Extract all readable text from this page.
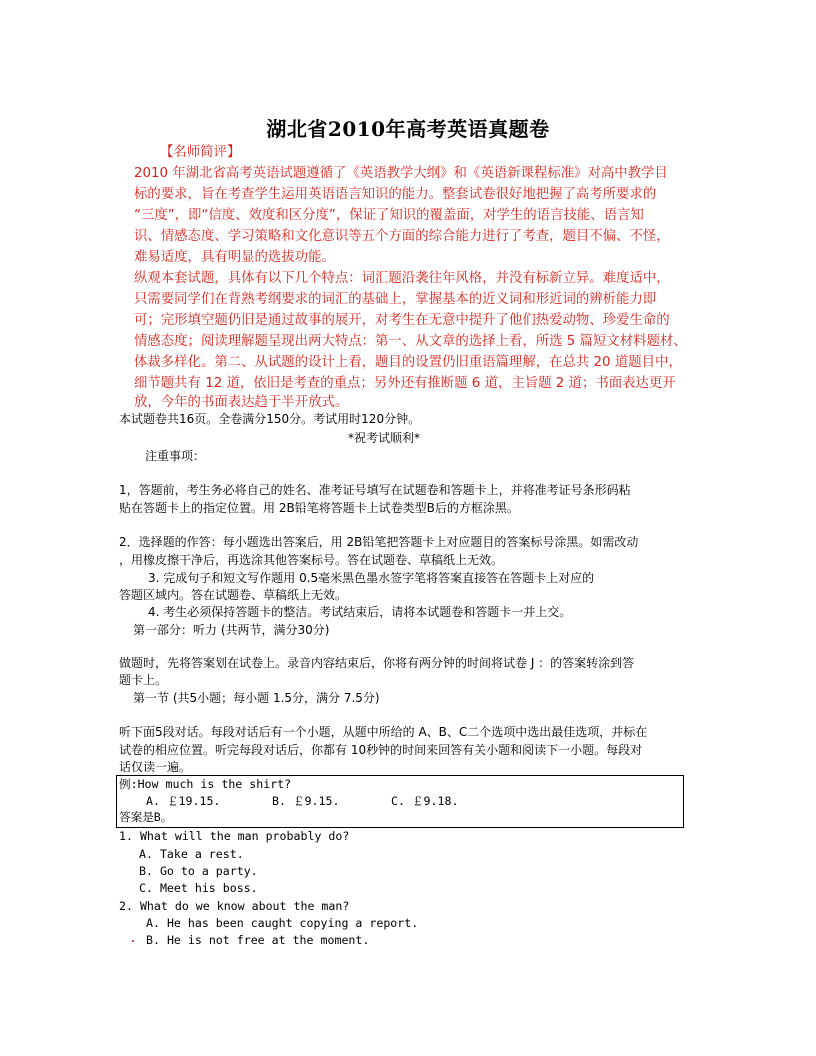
湖北省2010年高考英语真题卷
【名师简评】
2010 年湖北省高考英语试题遵循了《英语教学大纲》和《英语新课程标准》对高中教学目
标的要求，旨在考查学生运用英语语言知识的能力。整套试卷很好地把握了高考所要求的
“三度”，即“信度、效度和区分度”，保证了知识的覆盖面，对学生的语言技能、语言知
识、情感态度、学习策略和文化意识等五个方面的综合能力进行了考查，题目不偏、不怪，
难易适度，具有明显的选拔功能。
纵观本套试题，具体有以下几个特点：词汇题沿袭往年风格，并没有标新立异。难度适中，
只需要同学们在背熟考纲要求的词汇的基础上，掌握基本的近义词和形近词的辨析能力即
可；完形填空题仍旧是通过故事的展开，对考生在无意中提升了他们热爱动物、珍爱生命的
情感态度；阅读理解题呈现出两大特点：第一、从文章的选择上看，所选 5 篇短文材料题材、
体裁多样化。第二、从试题的设计上看，题目的设置仍旧重语篇理解，在总共 20 道题目中，
细节题共有 12 道，依旧是考查的重点；另外还有推断题 6 道，主旨题 2 道；书面表达更开
放，今年的书面表达趋于半开放式。
本试题卷共16页。全卷满分150分。考试用时120分钟。
*祝考试顺利*
注重事项：
1，答题前，考生务必将自己的姓名、准考证号填写在试题卷和答题卡上，并将准考证号条形码粘
贴在答题卡上的指定位置。用 2B铅笔将答题卡上试卷类型B后的方框涂黑。
2．选择题的作答：每小题选出答案后，用 2B铅笔把答题卡上对应题目的答案标号涂黑。如需改动
，用橡皮擦干净后，再选涂其他答案标号。答在试题卷、草稿纸上无效。
3. 完成句子和短文写作题用 0.5毫米黑色墨水签字笔将答案直接答在答题卡上对应的
答题区域内。答在试题卷、草稿纸上无效。
4. 考生必须保持答题卡的整洁。考试结束后，请将本试题卷和答题卡一并上交。
第一部分：听力 (共两节，满分30分)
做题时，先将答案划在试卷上。录音内容结束后，你将有两分钟的时间将试卷 J ：的答案转涂到答
题卡上。
第一节 (共5小题；每小题 1.5分，满分 7.5分)
听下面5段对话。每段对话后有一个小题，从题中所给的 A、B、C二个选项中选出最佳选项，并标在
试卷的相应位置。听完每段对话后，你都有 10秒钟的时间来回答有关小题和阅读下一小题。每段对
话仅读一遍。
例:How much is the shirt?
A. ￡19.15.	B. ￡9.15.	C. ￡9.18.
答案是B。
1. What will the man probably do?
A. Take a rest.
B. Go to a party.
C. Meet his boss.
2. What do we know about the man?
A. He has been caught copying a report.
B. He is not free at the moment.
